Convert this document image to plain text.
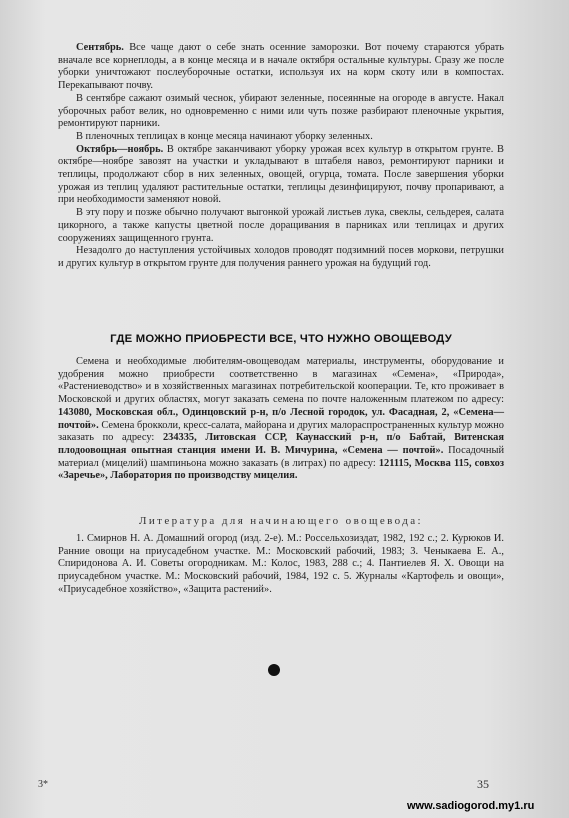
Сентябрь. Все чаще дают о себе знать осенние заморозки. Вот почему стараются убрать вначале все корнеплоды, а в конце месяца и в начале октября остальные культуры. Сразу же после уборки уничтожают послеуборочные остатки, используя их на корм скоту или в компостах. Перекапывают почву.

В сентябре сажают озимый чеснок, убирают зеленные, посеянные на огороде в августе. Накал уборочных работ велик, но одновременно с ними или чуть позже разбирают пленочные укрытия, ремонтируют парники.

В пленочных теплицах в конце месяца начинают уборку зеленных.

Октябрь—ноябрь. В октябре заканчивают уборку урожая всех культур в открытом грунте. В октябре—ноябре завозят на участки и укладывают в штабеля навоз, ремонтируют парники и теплицы, продолжают сбор в них зеленных, овощей, огурца, томата. После завершения уборки урожая из теплиц удаляют растительные остатки, теплицы дезинфицируют, почву пропаривают, а при необходимости заменяют новой.

В эту пору и позже обычно получают выгонкой урожай листьев лука, свеклы, сельдерея, салата цикорного, а также капусты цветной после доращивания в парниках или теплицах и других сооружениях защищенного грунта.

Незадолго до наступления устойчивых холодов проводят подзимний посев моркови, петрушки и других культур в открытом грунте для получения раннего урожая на будущий год.

ГДЕ МОЖНО ПРИОБРЕСТИ ВСЕ, ЧТО НУЖНО ОВОЩЕВОДУ

Семена и необходимые любителям-овощеводам материалы, инструменты, оборудование и удобрения можно приобрести соответственно в магазинах «Семена», «Природа», «Растениеводство» и в хозяйственных магазинах потребительской кооперации. Те, кто проживает в Московской и других областях, могут заказать семена по почте наложенным платежом по адресу: 143080, Московская обл., Одинцовский р-н, п/о Лесной городок, ул. Фасадная, 2, «Семена—почтой». Семена брокколи, кресс-салата, майорана и других малораспространенных культур можно заказать по адресу: 234335, Литовская ССР, Каунасский р-н, п/о Бабтай, Витенская плодоовощная опытная станция имени И. В. Мичурина, «Семена — почтой». Посадочный материал (мицелий) шампиньона можно заказать (в литрах) по адресу: 121115, Москва 115, совхоз «Заречье», Лаборатория по производству мицелия.

Литература для начинающего овощевода:

1. Смирнов Н. А. Домашний огород (изд. 2-е). М.: Россельхозиздат, 1982, 192 с.; 2. Курюков И. Ранние овощи на приусадебном участке. М.: Московский рабочий, 1983; 3. Ченыкаева Е. А., Спиридонова А. И. Советы огородникам. М.: Колос, 1983, 288 с.; 4. Пантиелев Я. Х. Овощи на приусадебном участке. М.: Московский рабочий, 1984, 192 с. 5. Журналы «Картофель и овощи», «Приусадебное хозяйство», «Защита растений».

3*	35
www.sadiogorod.my1.ru
